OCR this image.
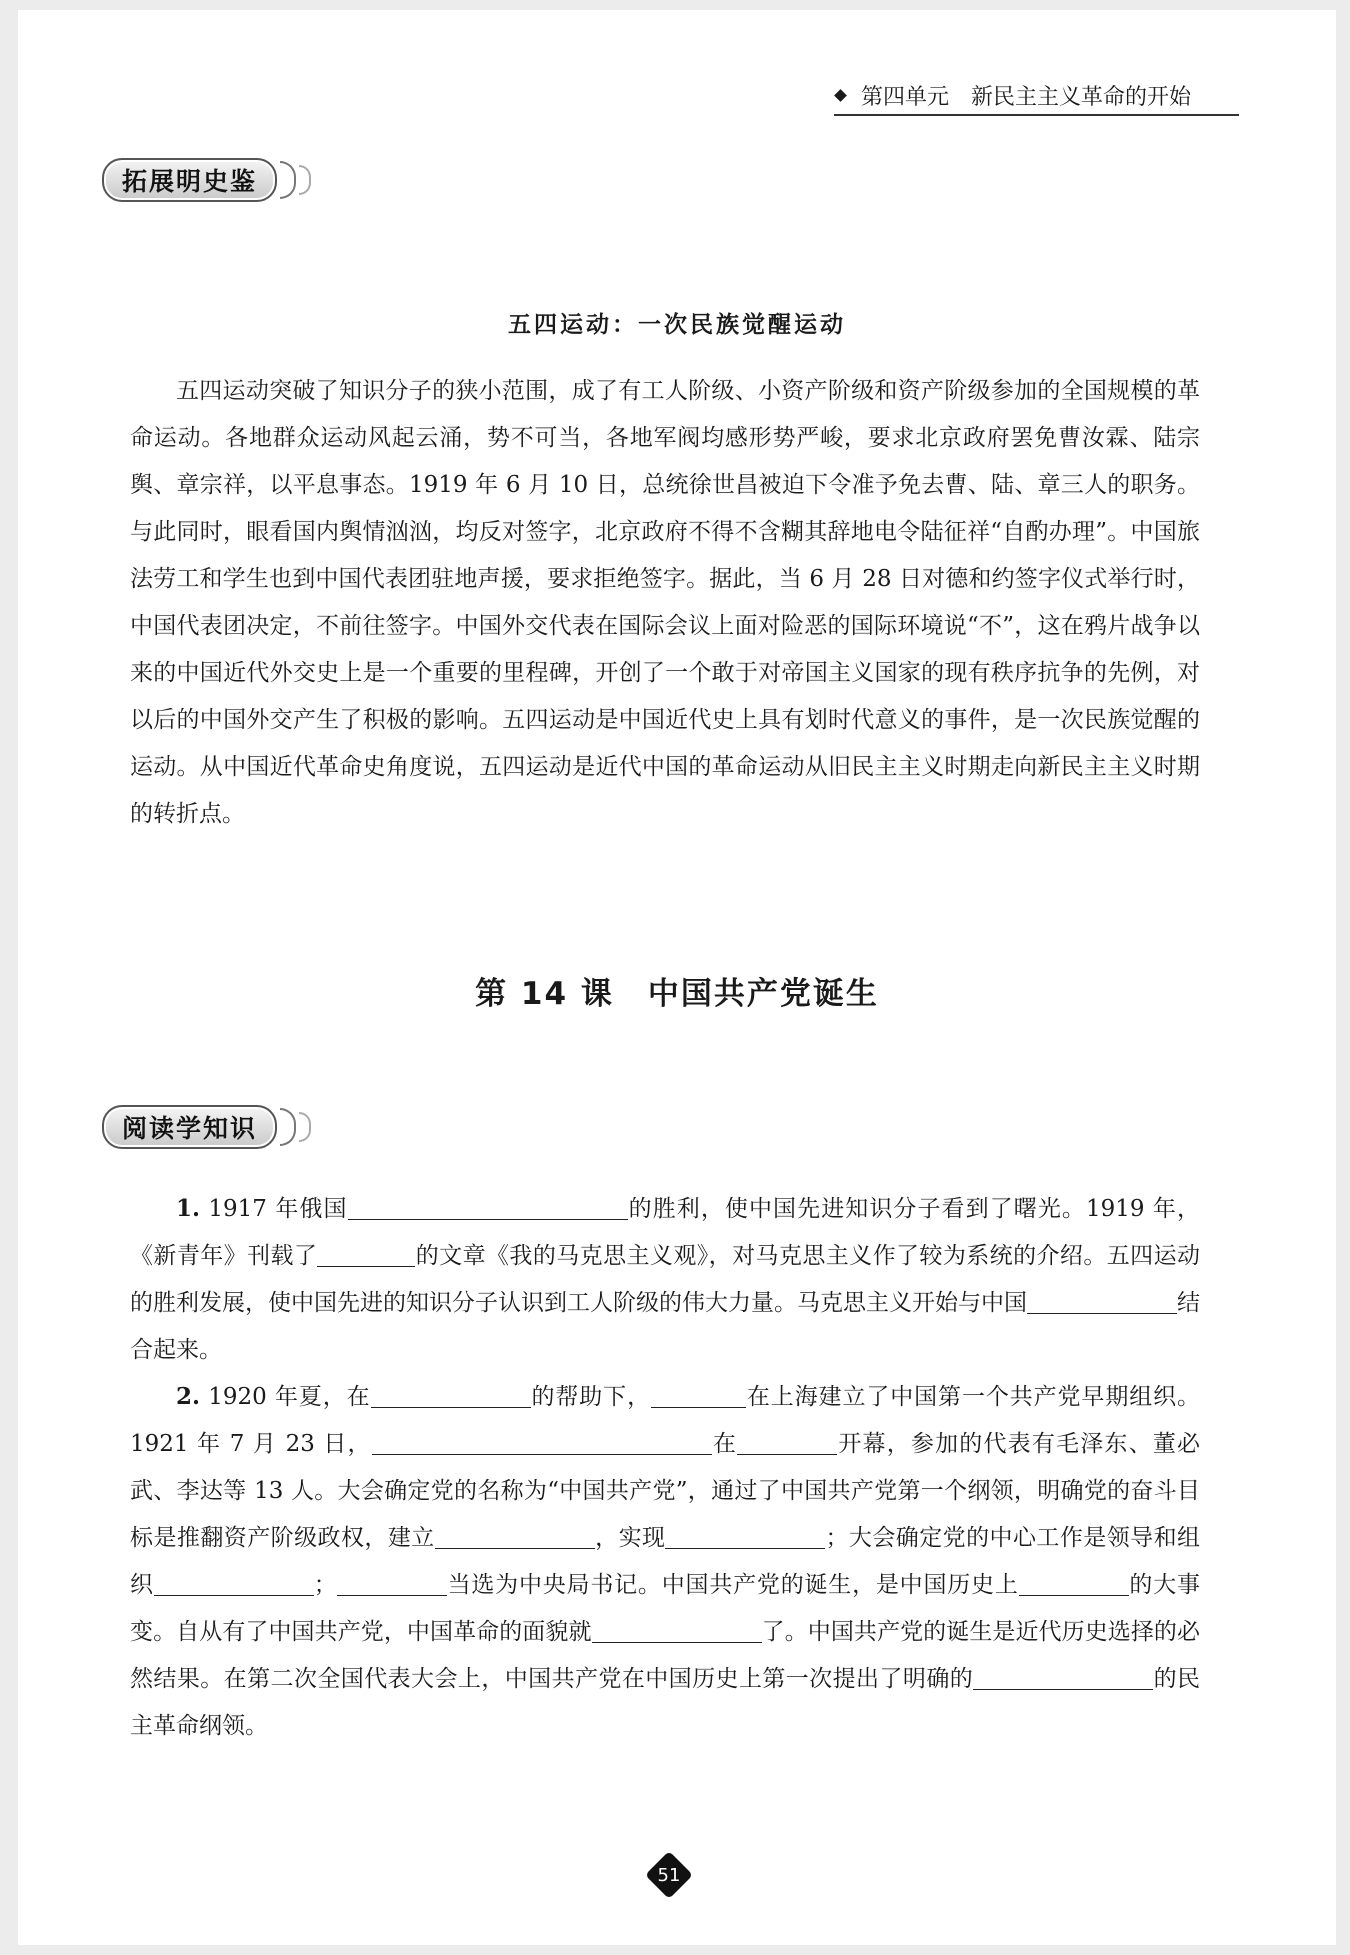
第四单元　新民主主义革命的开始
拓展明史鉴
五四运动：一次民族觉醒运动
五四运动突破了知识分子的狭小范围，成了有工人阶级、小资产阶级和资产阶级参加的全国规模的革命运动。各地群众运动风起云涌，势不可当，各地军阀均感形势严峻，要求北京政府罢免曹汝霖、陆宗舆、章宗祥，以平息事态。1919 年 6 月 10 日，总统徐世昌被迫下令准予免去曹、陆、章三人的职务。与此同时，眼看国内舆情汹汹，均反对签字，北京政府不得不含糊其辞地电令陆征祥“自酌办理”。中国旅法劳工和学生也到中国代表团驻地声援，要求拒绝签字。据此，当 6 月 28 日对德和约签字仪式举行时，中国代表团决定，不前往签字。中国外交代表在国际会议上面对险恶的国际环境说“不”，这在鸦片战争以来的中国近代外交史上是一个重要的里程碑，开创了一个敢于对帝国主义国家的现有秩序抗争的先例，对以后的中国外交产生了积极的影响。五四运动是中国近代史上具有划时代意义的事件，是一次民族觉醒的运动。从中国近代革命史角度说，五四运动是近代中国的革命运动从旧民主主义时期走向新民主主义时期的转折点。
第 14 课 中国共产党诞生
阅读学知识
1. 1917 年俄国	的胜利，使中国先进知识分子看到了曙光。1919 年，《新青年》刊载了	的文章《我的马克思主义观》，对马克思主义作了较为系统的介绍。五四运动的胜利发展，使中国先进的知识分子认识到工人阶级的伟大力量。马克思主义开始与中国	结合起来。
2. 1920 年夏，在	的帮助下，	在上海建立了中国第一个共产党早期组织。1921 年 7 月 23 日，	在	开幕，参加的代表有毛泽东、董必武、李达等 13 人。大会确定党的名称为“中国共产党”，通过了中国共产党第一个纲领，明确党的奋斗目标是推翻资产阶级政权，建立	，实现	；大会确定党的中心工作是领导和组织	；	当选为中央局书记。中国共产党的诞生，是中国历史上	的大事变。自从有了中国共产党，中国革命的面貌就	了。中国共产党的诞生是近代历史选择的必然结果。在第二次全国代表大会上，中国共产党在中国历史上第一次提出了明确的	的民主革命纲领。
51
